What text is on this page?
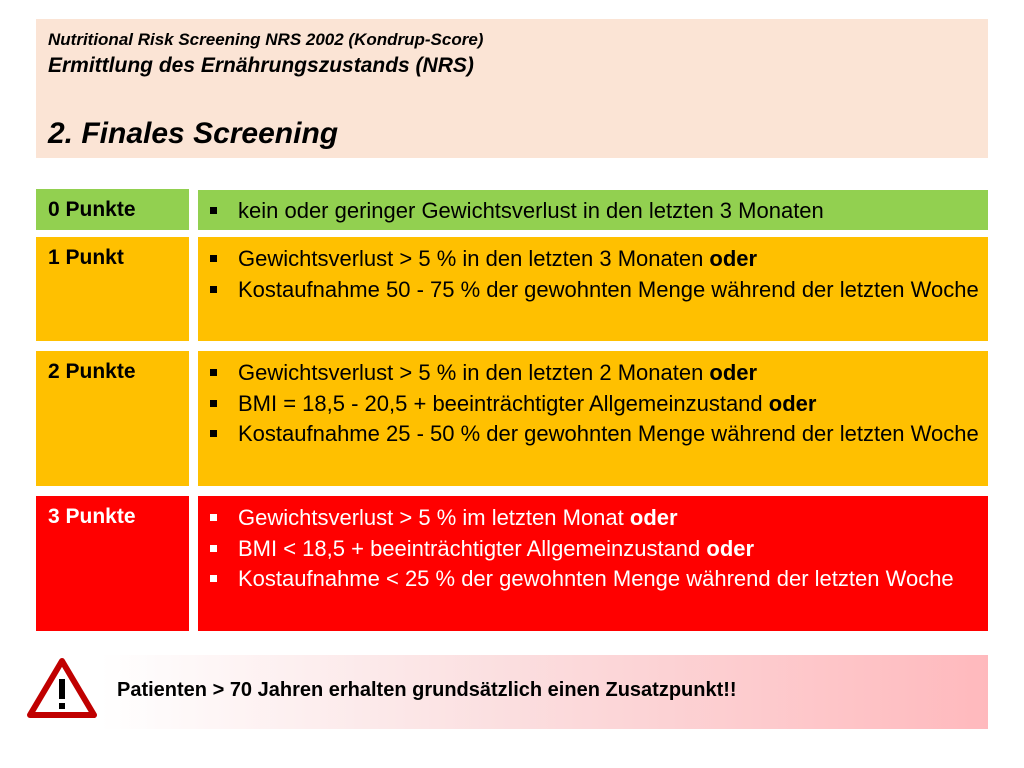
Nutritional Risk Screening NRS 2002 (Kondrup-Score)
Ermittlung des Ernährungszustands (NRS)
2. Finales Screening
0 Punkte	kein oder geringer Gewichtsverlust in den letzten 3 Monaten
1 Punkt	Gewichtsverlust > 5 % in den letzten 3 Monaten oder
Kostaufnahme 50 - 75 % der gewohnten Menge während der letzten Woche
2 Punkte	Gewichtsverlust > 5 % in den letzten 2 Monaten oder
BMI = 18,5 - 20,5 + beeinträchtigter Allgemeinzustand oder
Kostaufnahme 25 - 50 % der gewohnten Menge während der letzten Woche
3 Punkte	Gewichtsverlust > 5 % im letzten Monat oder
BMI < 18,5 + beeinträchtigter Allgemeinzustand oder
Kostaufnahme < 25 % der gewohnten Menge während der letzten Woche
Patienten > 70 Jahren erhalten grundsätzlich einen Zusatzpunkt!!
